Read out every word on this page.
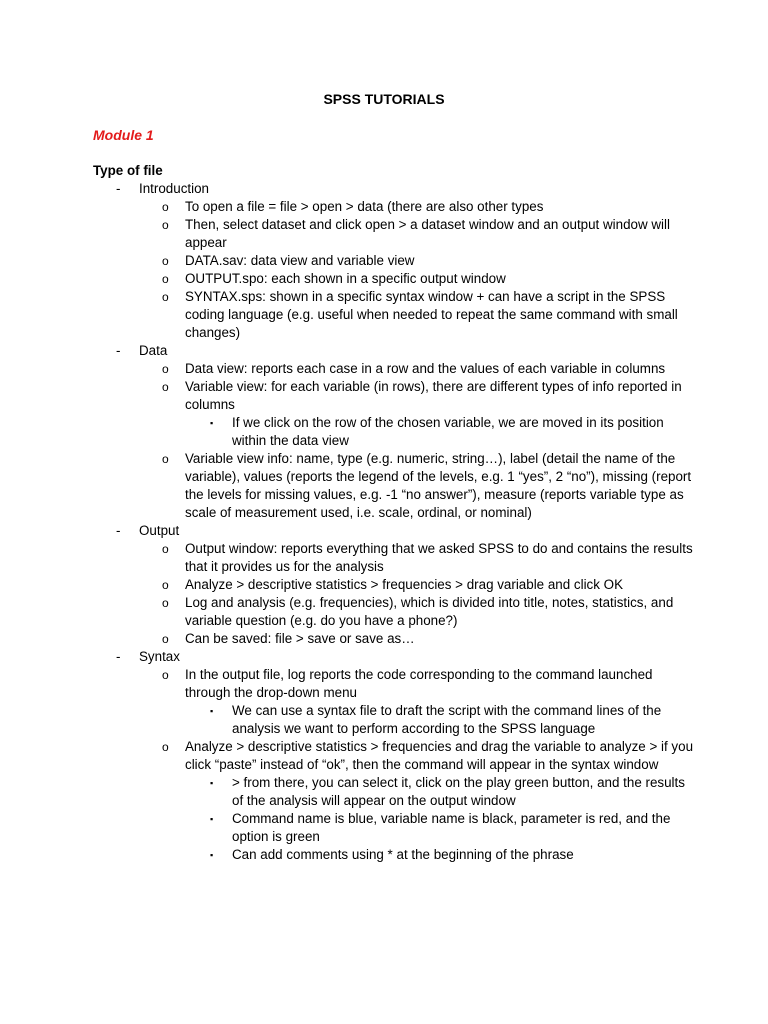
SPSS TUTORIALS
Module 1
Type of file
- Introduction
o To open a file = file > open > data (there are also other types
o Then, select dataset and click open > a dataset window and an output window will appear
o DATA.sav: data view and variable view
o OUTPUT.spo: each shown in a specific output window
o SYNTAX.sps: shown in a specific syntax window + can have a script in the SPSS coding language (e.g. useful when needed to repeat the same command with small changes)
- Data
o Data view: reports each case in a row and the values of each variable in columns
o Variable view: for each variable (in rows), there are different types of info reported in columns
▪ If we click on the row of the chosen variable, we are moved in its position within the data view
o Variable view info: name, type (e.g. numeric, string…), label (detail the name of the variable), values (reports the legend of the levels, e.g. 1 “yes”, 2 “no”), missing (report the levels for missing values, e.g. -1 “no answer”), measure (reports variable type as scale of measurement used, i.e. scale, ordinal, or nominal)
- Output
o Output window: reports everything that we asked SPSS to do and contains the results that it provides us for the analysis
o Analyze > descriptive statistics > frequencies > drag variable and click OK
o Log and analysis (e.g. frequencies), which is divided into title, notes, statistics, and variable question (e.g. do you have a phone?)
o Can be saved: file > save or save as…
- Syntax
o In the output file, log reports the code corresponding to the command launched through the drop-down menu
▪ We can use a syntax file to draft the script with the command lines of the analysis we want to perform according to the SPSS language
o Analyze > descriptive statistics > frequencies and drag the variable to analyze > if you click “paste” instead of “ok”, then the command will appear in the syntax window
▪ > from there, you can select it, click on the play green button, and the results of the analysis will appear on the output window
▪ Command name is blue, variable name is black, parameter is red, and the option is green
▪ Can add comments using * at the beginning of the phrase
